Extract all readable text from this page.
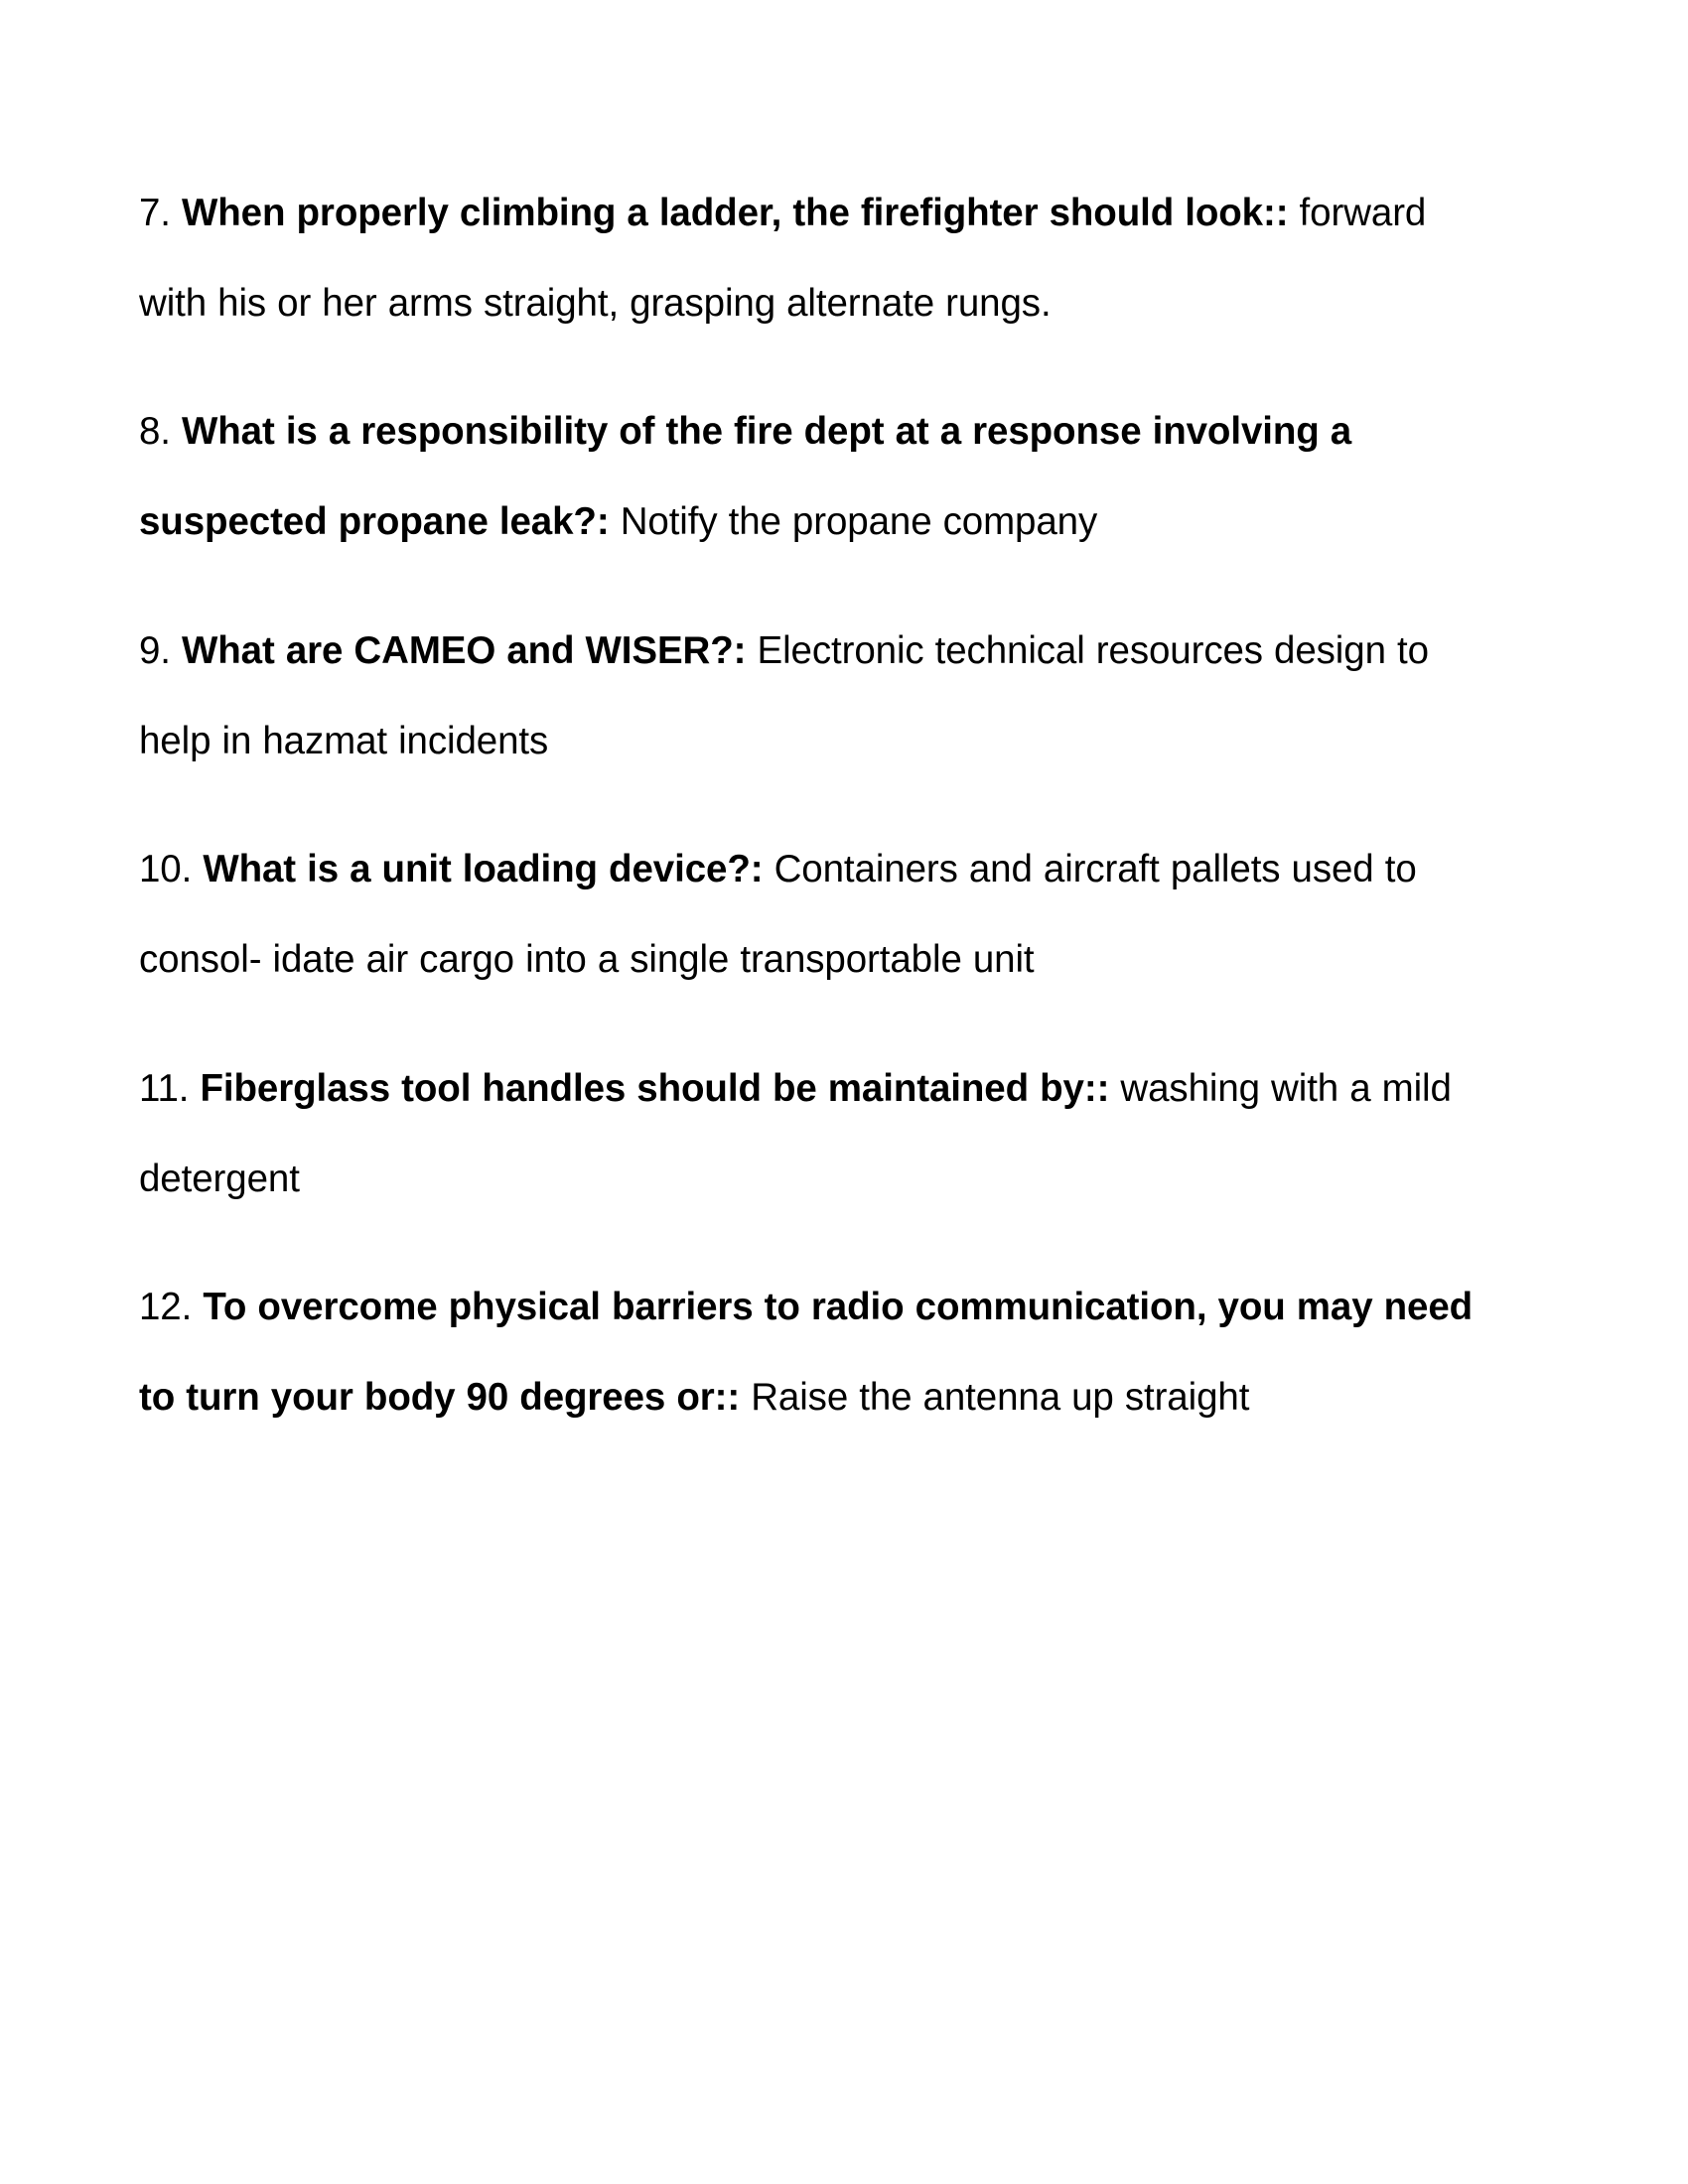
7. When properly climbing a ladder, the firefighter should look:: forward with his or her arms straight, grasping alternate rungs.

8. What is a responsibility of the fire dept at a response involving a suspected propane leak?: Notify the propane company

9. What are CAMEO and WISER?: Electronic technical resources design to help in hazmat incidents

10. What is a unit loading device?: Containers and aircraft pallets used to consol- idate air cargo into a single transportable unit

11. Fiberglass tool handles should be maintained by:: washing with a mild detergent

12. To overcome physical barriers to radio communication, you may need to turn your body 90 degrees or:: Raise the antenna up straight
